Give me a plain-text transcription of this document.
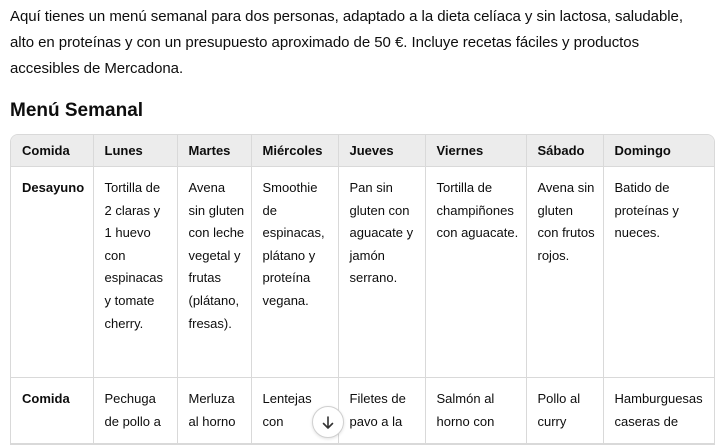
Aquí tienes un menú semanal para dos personas, adaptado a la dieta celíaca y sin lactosa, saludable,
alto en proteínas y con un presupuesto aproximado de 50 €. Incluye recetas fáciles y productos
accesibles de Mercadona.

Menú Semanal
Comida	Lunes	Martes	Miércoles	Jueves	Viernes	Sábado	Domingo
Desayuno	Tortilla de 2 claras y 1 huevo con espinacas y tomate cherry.	Avena sin gluten con leche vegetal y frutas (plátano, fresas).	Smoothie de espinacas, plátano y proteína vegana.	Pan sin gluten con aguacate y jamón serrano.	Tortilla de champiñones con aguacate.	Avena sin gluten con frutos rojos.	Batido de proteínas y nueces.
Comida	Pechuga de pollo a	Merluza al horno	Lentejas con	Filetes de pavo a la	Salmón al horno con	Pollo al curry	Hamburguesas caseras de
